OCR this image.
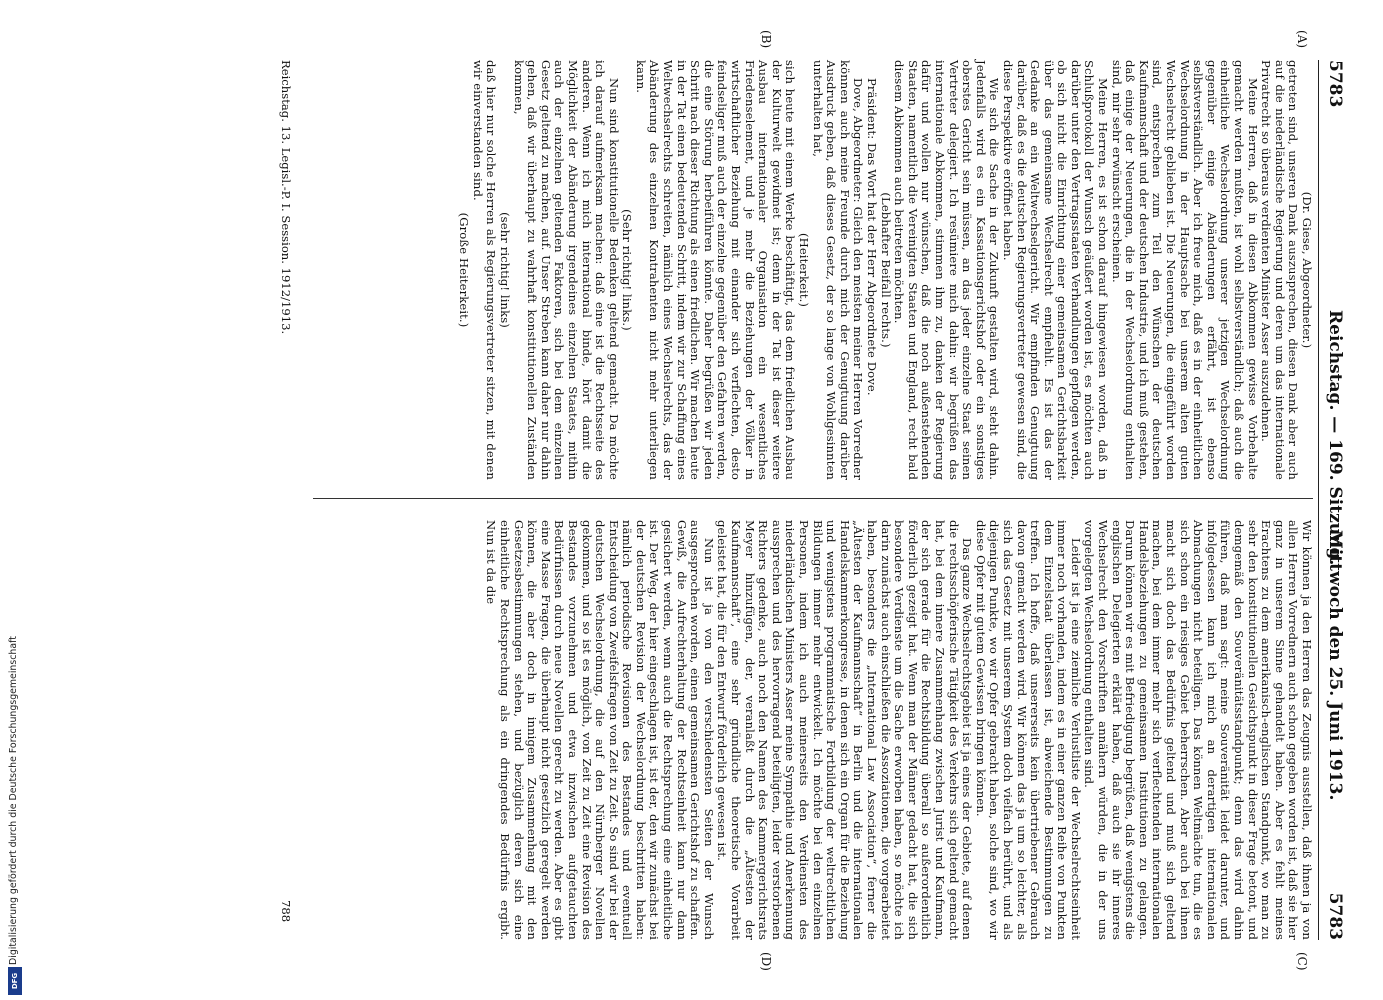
5783
Reichstag. — 169. Sitzung.
Mittwoch den 25. Juni 1913.
5783
(A)
(B)
(C)
(D)

(Dr. Giese, Abgeordneter.)

getreten sind, unseren Dank auszusprechen, diesen Dank aber auch auf die niederländische Regierung und deren um das internationale Privatrecht so überaus verdienten Minister Asser auszudehnen.

Meine Herren, daß in diesen Abkommen gewisse Vorbehalte gemacht werden mußten, ist wohl selbstverständlich; daß auch die einheitliche Wechselordnung unserer jetzigen Wechselordnung gegenüber einige Abänderungen erfährt, ist ebenso selbstverständlich. Aber ich freue mich, daß es in der einheitlichen Wechselordnung in der Hauptsache bei unserem alten guten Wechselrecht geblieben ist. Die Neuerungen, die eingeführt worden sind, entsprechen zum Teil den Wünschen der deutschen Kaufmannschaft und der deutschen Industrie, und ich muß gestehen, daß einige der Neuerungen, die in der Wechselordnung enthalten sind, mir sehr erwünscht erscheinen.

Meine Herren, es ist schon darauf hingewiesen worden, daß in Schlußprotokoll der Wunsch geäußert worden ist, es möchten auch darüber unter den Vertragsstaaten Verhandlungen gepflogen werden, ob sich nicht die Einrichtung einer gemeinsamen Gerichtsbarkeit über das gemeinsame Wechselrecht empfiehlt. Es ist das der Gedanke an ein Weltwechselgericht. Wir empfinden Genugtuung darüber, daß es die deutschen Regierungsvertreter gewesen sind, die diese Perspektive eröffnet haben.

Wie sich die Sache in der Zukunft gestalten wird, steht dahin. Jedenfalls wird es ein Kassationsgerichtshof oder ein sonstiges oberstes Gericht sein müssen, an das jeder einzelne Staat seinen Vertreter delegiert. Ich resümiere mich dahin: wir begrüßen das internationale Abkommen, stimmen ihm zu, danken der Regierung dafür und wollen nur wünschen, daß die noch außenstehenden Staaten, namentlich die Vereinigten Staaten und England, recht bald diesem Abkommen auch beitreten möchten.

(Lebhafter Beifall rechts.)

Präsident: Das Wort hat der Herr Abgeordnete Dove.

Dove, Abgeordneter: Gleich den meisten meiner Herren Vorredner können auch meine Freunde durch mich der Genugtuung darüber Ausdruck geben, daß dieses Gesetz, der so lange von Wohlgesinnten unterhalten hat,

(Heiterkeit.)

sich heute mit einem Werke beschäftigt, das dem friedlichen Ausbau der Kulturwelt gewidmet ist; denn in der Tat ist dieser weitere Ausbau internationaler Organisation ein wesentliches Friedenselement, und je mehr die Beziehungen der Völker in wirtschaftlicher Beziehung mit einander sich verflechten, desto feindseliger muß auch der einzelne gegenüber den Gefahren werden, die eine Störung herbeiführen könnte. Daher begrüßen wir jeden Schritt nach dieser Richtung als einen friedlichen. Wir machen heute in der Tat einen bedeutenden Schritt, indem wir zur Schaffung eines Weltwechselrechts schreiten, nämlich eines Wechselrechts, das der Abänderung des einzelnen Kontrahenten nicht mehr unterliegen kann.

(Sehr richtig! links.)

Nun sind konstitutionelle Bedenken geltend gemacht. Da möchte ich darauf aufmerksam machen: daß eine ist die Rechtsseite des anderen. Wenn ich mich international binde, hört damit die Möglichkeit der Abänderung irgendeines einzelnen Staates, mithin auch der einzelnen geltenden Faktoren, sich bei dem einzelnen Gesetz geltend zu machen, auf. Unser Streben kann daher nur dahin gehen, daß wir überhaupt zu wahrhaft konstitutionellen Zuständen kommen,

(sehr richtig! links)

daß hier nur solche Herren als Regierungsvertreter sitzen, mit denen wir einverstanden sind.

(Große Heiterkeit.)

Wir können ja den Herren das Zeugnis ausstellen, daß ihnen ja von allen Herren Vorrednern auch schon gegeben worden ist, daß sie hier ganz in unserem Sinne gehandelt haben. Aber es fehlt meines Erachtens zu dem amerikanisch-englischen Standpunkt, wo man zu sehr den konstitutionellen Gesichtspunkt in dieser Frage betont, und demgemäß den Souveränitätsstandpunkt; denn das wird dahin führen, daß man sagt: meine Souveränität leidet darunter, und infolgedessen kann ich mich an derartigen internationalen Abmachungen nicht beteiligen. Das können Weltmächte tun, die es sich schon ein riesiges Gebiet beherrschen. Aber auch bei ihnen macht sich doch das Bedürfnis geltend und muß sich geltend machen, bei dem immer mehr sich verflechtenden internationalen Handelsbeziehungen zu gemeinsamen Institutionen zu gelangen. Darum können wir es mit Befriedigung begrüßen, daß wenigstens die englischen Delegierten erklärt haben, daß auch sie ihr inneres Wechselrecht den Vorschriften annähern würden, die in der uns vorgelegten Wechselordnung enthalten sind.

Leider ist ja eine ziemliche Verlustliste der Wechselrechtseinheit immer noch vorhanden, indem es in einer ganzen Reihe von Punkten dem Einzelstaat überlassen ist, abweichende Bestimmungen zu treffen. Ich hoffe, daß unsererseits kein übertriebener Gebrauch davon gemacht werden wird. Wir können das ja um so leichter, als sich das Gesetz mit unserem System doch vielfach berührt, und als diejenigen Punkte, wo wir Opfer gebracht haben, solche sind, wo wir diese Opfer mit gutem Gewissen bringen können.

Das ganze Wechselrechtsgebiet ist ja eines der Gebiete, auf denen die rechtsschöpferische Tätigkeit des Verkehrs sich geltend gemacht hat, bei dem innere Zusammenhang zwischen Jurist und Kaufmann, der sich gerade für die Rechtsbildung überall so außerordentlich förderlich gezeigt hat. Wenn man der Männer gedacht hat, die sich besondere Verdienste um die Sache erworben haben, so möchte ich darin zunächst auch einschließen die Assoziationen, die vorgearbeitet haben, besonders die „International Law Association“, ferner die „Ältesten der Kaufmannschaft“ in Berlin und die internationalen Handelskammerkongresse, in denen sich ein Organ für die Beziehung und wenigstens programmatische Fortbildung der weltrechtlichen Bildungen immer mehr entwickelt. Ich möchte bei den einzelnen Personen, indem ich auch meinerseits den Verdiensten des niederländischen Ministers Asser meine Sympathie und Anerkennung aussprechen und des hervorragend beteiligten, leider verstorbenen Richters gedenke, auch noch den Namen des Kammergerichtsrats Meyer hinzufügen, der, veranlaßt durch die „Ältesten der Kaufmannschaft“, eine sehr gründliche theoretische Vorarbeit geleistet hat, die für den Entwurf förderlich gewesen ist.

Nun ist ja von den verschiedensten Seiten der Wunsch ausgesprochen worden, einen gemeinsamen Gerichtshof zu schaffen. Gewiß, die Aufrechterhaltung der Rechtseinheit kann nur dann gesichert werden, wenn auch die Rechtsprechung eine einheitliche ist. Der Weg, der hier eingeschlagen ist, ist der, den wir zunächst bei der deutschen Revision der Wechselordnung beschritten haben: nämlich periodische Revisionen des Bestandes und eventuell Entscheidung von Zweifelsfragen von Zeit zu Zeit. So sind wir bei der deutschen Wechselordnung, die auf den Nürnberger Novellen gekommen, und so ist es möglich, von Zeit zu Zeit eine Revision des Bestandes vorzunehmen und etwa inzwischen aufgetauchten Bedürfnissen durch neue Novellen gerecht zu werden. Aber es gibt eine Masse Fragen, die überhaupt nicht gesetzlich geregelt werden können, die aber doch in innigem Zusammenhang mit den Gesetzesbestimmungen stehen, und bezüglich deren sich eine einheitliche Rechtsprechung als ein dringendes Bedürfnis ergibt. Nun ist da die

Reichstag. 13. Legisl.-P. I. Session. 1912/1913.
788
Digitalisierung gefördert durch die Deutsche Forschungsgemeinschaft
DFG
